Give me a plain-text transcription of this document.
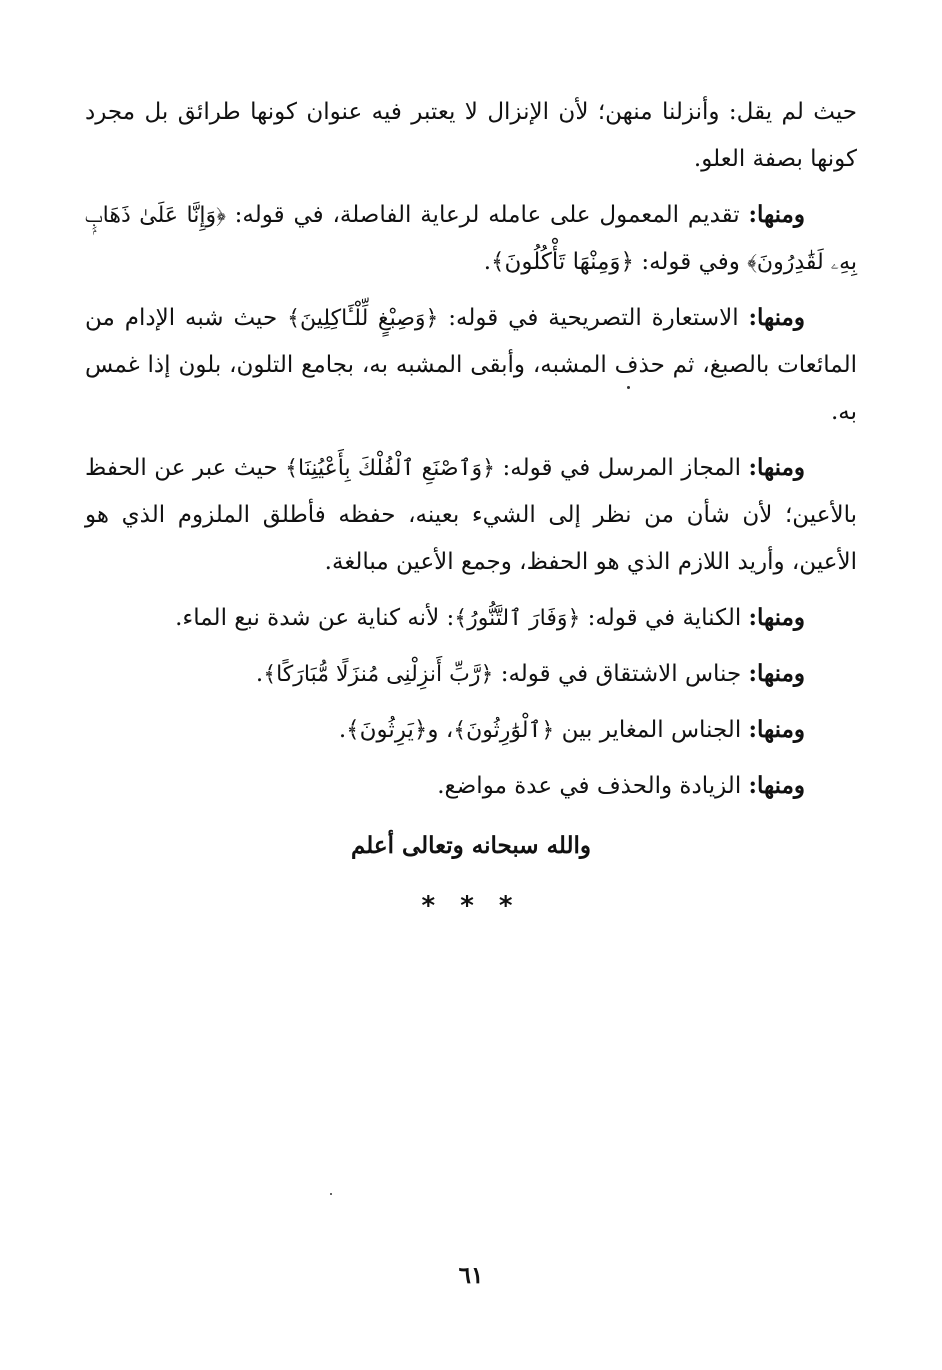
حيث لم يقل: وأنزلنا منهن؛ لأن الإنزال لا يعتبر فيه عنوان كونها طرائق بل مجرد كونها بصفة العلو.

ومنها: تقديم المعمول على عامله لرعاية الفاصلة، في قوله: ﴿وَإِنَّا عَلَىٰ ذَهَابِۭ بِهِۦ لَقَٰدِرُونَ﴾ وفي قوله: ﴿وَمِنْهَا تَأْكُلُونَ﴾.

ومنها: الاستعارة التصريحية في قوله: ﴿وَصِبْغٍ لِّلْـَٔاكِلِينَ﴾ حيث شبه الإدام من المائعات بالصبغ، ثم حذف المشبه، وأبقى المشبه به، بجامع التلون، بلون إذا غمس به.

ومنها: المجاز المرسل في قوله: ﴿وَٱصْنَعِ ٱلْفُلْكَ بِأَعْيُنِنَا﴾ حيث عبر عن الحفظ بالأعين؛ لأن شأن من نظر إلى الشيء بعينه، حفظه فأطلق الملزوم الذي هو الأعين، وأريد اللازم الذي هو الحفظ، وجمع الأعين مبالغة.

ومنها: الكناية في قوله: ﴿وَفَارَ ٱلتَّنُّورُ﴾: لأنه كناية عن شدة نبع الماء.

ومنها: جناس الاشتقاق في قوله: ﴿رَّبِّ أَنزِلْنِى مُنزَلًا مُّبَارَكًا﴾.

ومنها: الجناس المغاير بين ﴿ٱلْوَٰرِثُونَ﴾، و﴿يَرِثُونَ﴾.

ومنها: الزيادة والحذف في عدة مواضع.

والله سبحانه وتعالى أعلم

* * *
٦١
